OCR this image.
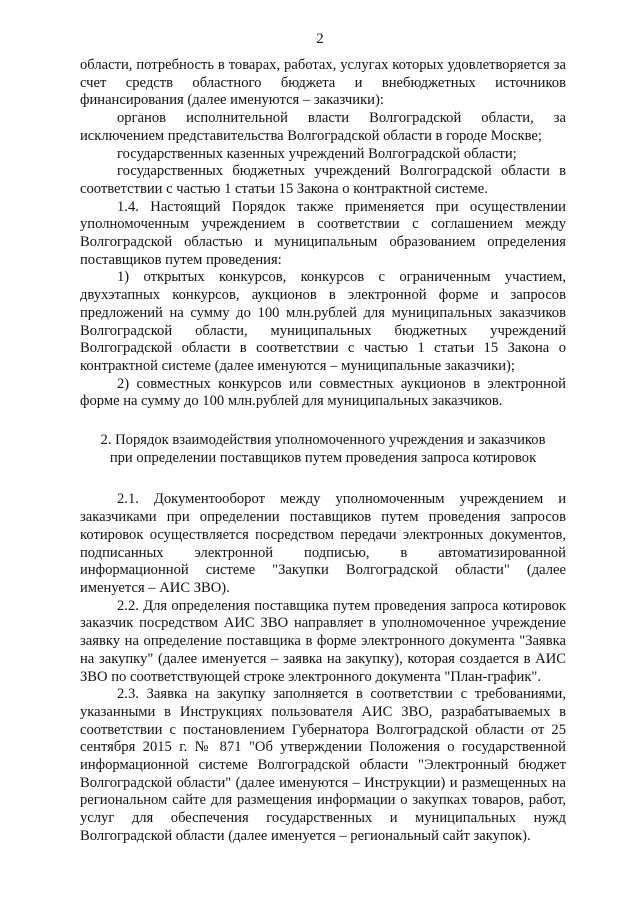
2

области, потребность в товарах, работах, услугах которых удовлетворяется за счет средств областного бюджета и внебюджетных источников финансирования (далее именуются – заказчики):

органов исполнительной власти Волгоградской области, за исключением представительства Волгоградской области в городе Москве;

государственных казенных учреждений Волгоградской области;

государственных бюджетных учреждений Волгоградской области в соответствии с частью 1 статьи 15 Закона о контрактной системе.

1.4. Настоящий Порядок также применяется при осуществлении уполномоченным учреждением в соответствии с соглашением между Волгоградской областью и муниципальным образованием определения поставщиков путем проведения:

1) открытых конкурсов, конкурсов с ограниченным участием, двухэтапных конкурсов, аукционов в электронной форме и запросов предложений на сумму до 100 млн.рублей для муниципальных заказчиков Волгоградской области, муниципальных бюджетных учреждений Волгоградской области в соответствии с частью 1 статьи 15 Закона о контрактной системе (далее именуются – муниципальные заказчики);

2) совместных конкурсов или совместных аукционов в электронной форме на сумму до 100 млн.рублей для муниципальных заказчиков.

2. Порядок взаимодействия уполномоченного учреждения и заказчиков
при определении поставщиков путем проведения запроса котировок

2.1. Документооборот между уполномоченным учреждением и заказчиками при определении поставщиков путем проведения запросов котировок осуществляется посредством передачи электронных документов, подписанных электронной подписью, в автоматизированной информационной системе "Закупки Волгоградской области" (далее именуется – АИС ЗВО).

2.2. Для определения поставщика путем проведения запроса котировок заказчик посредством АИС ЗВО направляет в уполномоченное учреждение заявку на определение поставщика в форме электронного документа "Заявка на закупку" (далее именуется – заявка на закупку), которая создается в АИС ЗВО по соответствующей строке электронного документа "План-график".

2.3. Заявка на закупку заполняется в соответствии с требованиями, указанными в Инструкциях пользователя АИС ЗВО, разрабатываемых в соответствии с постановлением Губернатора Волгоградской области от 25 сентября 2015 г. № 871 "Об утверждении Положения о государственной информационной системе Волгоградской области "Электронный бюджет Волгоградской области" (далее именуются – Инструкции) и размещенных на региональном сайте для размещения информации о закупках товаров, работ, услуг для обеспечения государственных и муниципальных нужд Волгоградской области (далее именуется – региональный сайт закупок).
